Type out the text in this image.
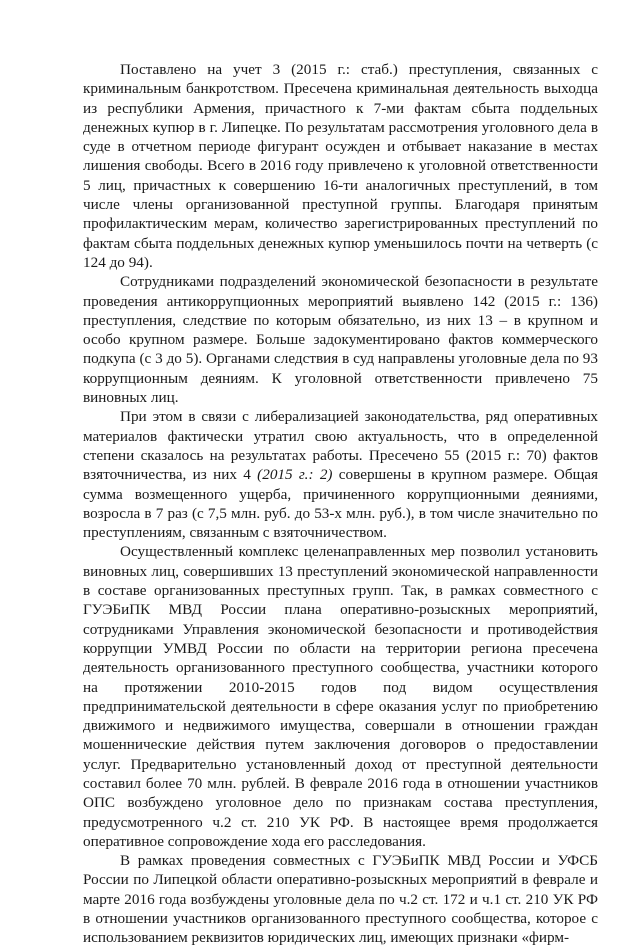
Поставлено на учет 3 (2015 г.: стаб.) преступления, связанных с криминальным банкротством. Пресечена криминальная деятельность выходца из республики Армения, причастного к 7-ми фактам сбыта поддельных денежных купюр в г. Липецке. По результатам рассмотрения уголовного дела в суде в отчетном периоде фигурант осужден и отбывает наказание в местах лишения свободы. Всего в 2016 году привлечено к уголовной ответственности 5 лиц, причастных к совершению 16-ти аналогичных преступлений, в том числе члены организованной преступной группы. Благодаря принятым профилактическим мерам, количество зарегистрированных преступлений по фактам сбыта поддельных денежных купюр уменьшилось почти на четверть (с 124 до 94).

Сотрудниками подразделений экономической безопасности в результате проведения антикоррупционных мероприятий выявлено 142 (2015 г.: 136) преступления, следствие по которым обязательно, из них 13 – в крупном и особо крупном размере. Больше задокументировано фактов коммерческого подкупа (с 3 до 5). Органами следствия в суд направлены уголовные дела по 93 коррупционным деяниям. К уголовной ответственности привлечено 75 виновных лиц.

При этом в связи с либерализацией законодательства, ряд оперативных материалов фактически утратил свою актуальность, что в определенной степени сказалось на результатах работы. Пресечено 55 (2015 г.: 70) фактов взяточничества, из них 4 (2015 г.: 2) совершены в крупном размере. Общая сумма возмещенного ущерба, причиненного коррупционными деяниями, возросла в 7 раз (с 7,5 млн. руб. до 53-х млн. руб.), в том числе значительно по преступлениям, связанным с взяточничеством.

Осуществленный комплекс целенаправленных мер позволил установить виновных лиц, совершивших 13 преступлений экономической направленности в составе организованных преступных групп. Так, в рамках совместного с ГУЭБиПК МВД России плана оперативно-розыскных мероприятий, сотрудниками Управления экономической безопасности и противодействия коррупции УМВД России по области на территории региона пресечена деятельность организованного преступного сообщества, участники которого на протяжении 2010-2015 годов под видом осуществления предпринимательской деятельности в сфере оказания услуг по приобретению движимого и недвижимого имущества, совершали в отношении граждан мошеннические действия путем заключения договоров о предоставлении услуг. Предварительно установленный доход от преступной деятельности составил более 70 млн. рублей. В феврале 2016 года в отношении участников ОПС возбуждено уголовное дело по признакам состава преступления, предусмотренного ч.2 ст. 210 УК РФ. В настоящее время продолжается оперативное сопровождение хода его расследования.

В рамках проведения совместных с ГУЭБиПК МВД России и УФСБ России по Липецкой области оперативно-розыскных мероприятий в феврале и марте 2016 года возбуждены уголовные дела по ч.2 ст. 172 и ч.1 ст. 210 УК РФ в отношении участников организованного преступного сообщества, которое с использованием реквизитов юридических лиц, имеющих признаки «фирм-
